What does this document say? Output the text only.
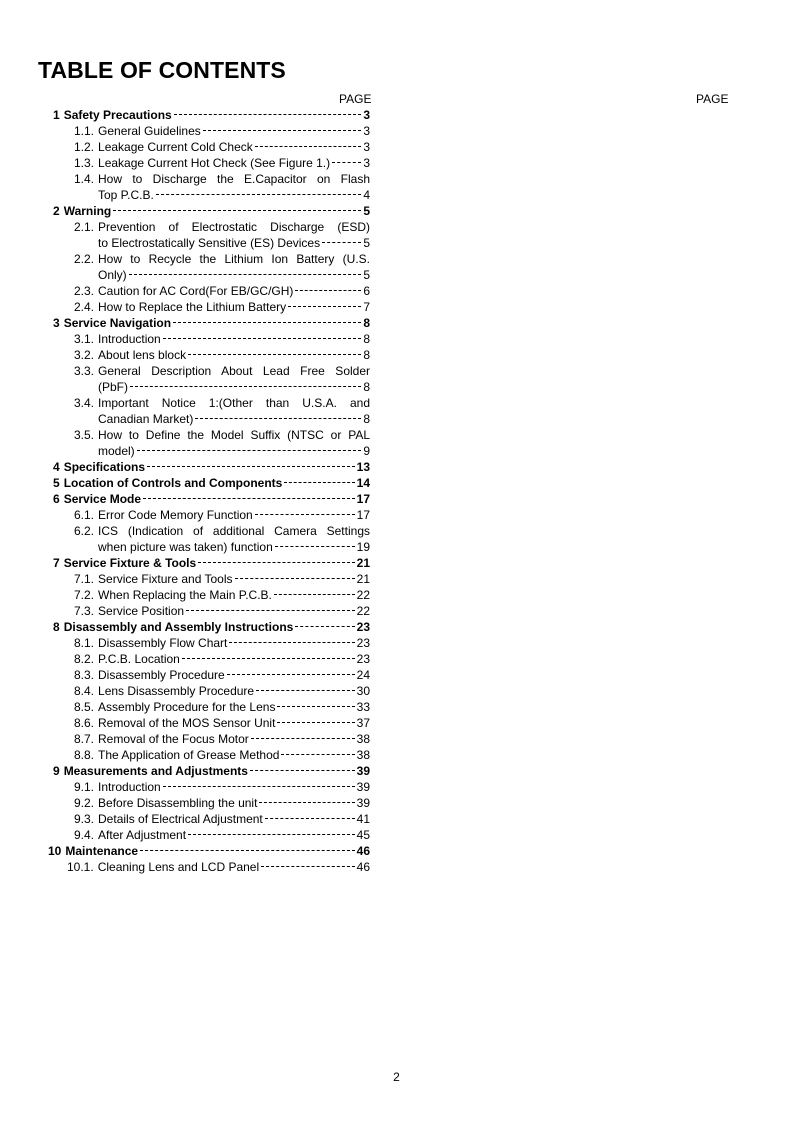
TABLE OF CONTENTS
PAGE	PAGE
1 Safety Precautions	3
1.1. General Guidelines	3
1.2. Leakage Current Cold Check	3
1.3. Leakage Current Hot Check (See Figure 1.)	3
1.4. How to Discharge the E.Capacitor on Flash
Top P.C.B.	4
2 Warning	5
2.1. Prevention of Electrostatic Discharge (ESD)
to Electrostatically Sensitive (ES) Devices	5
2.2. How to Recycle the Lithium Ion Battery (U.S.
Only)	5
2.3. Caution for AC Cord(For EB/GC/GH)	6
2.4. How to Replace the Lithium Battery	7
3 Service Navigation	8
3.1. Introduction	8
3.2. About lens block	8
3.3. General Description About Lead Free Solder
(PbF)	8
3.4. Important Notice 1:(Other than U.S.A. and
Canadian Market)	8
3.5. How to Define the Model Suffix (NTSC or PAL
model)	9
4 Specifications	13
5 Location of Controls and Components	14
6 Service Mode	17
6.1. Error Code Memory Function	17
6.2. ICS (Indication of additional Camera Settings
when picture was taken) function	19
7 Service Fixture & Tools	21
7.1. Service Fixture and Tools	21
7.2. When Replacing the Main P.C.B.	22
7.3. Service Position	22
8 Disassembly and Assembly Instructions	23
8.1. Disassembly Flow Chart	23
8.2. P.C.B. Location	23
8.3. Disassembly Procedure	24
8.4. Lens Disassembly Procedure	30
8.5. Assembly Procedure for the Lens	33
8.6. Removal of the MOS Sensor Unit	37
8.7. Removal of the Focus Motor	38
8.8. The Application of Grease Method	38
9 Measurements and Adjustments	39
9.1. Introduction	39
9.2. Before Disassembling the unit	39
9.3. Details of Electrical Adjustment	41
9.4. After Adjustment	45
10 Maintenance	46
10.1. Cleaning Lens and LCD Panel	46
2
